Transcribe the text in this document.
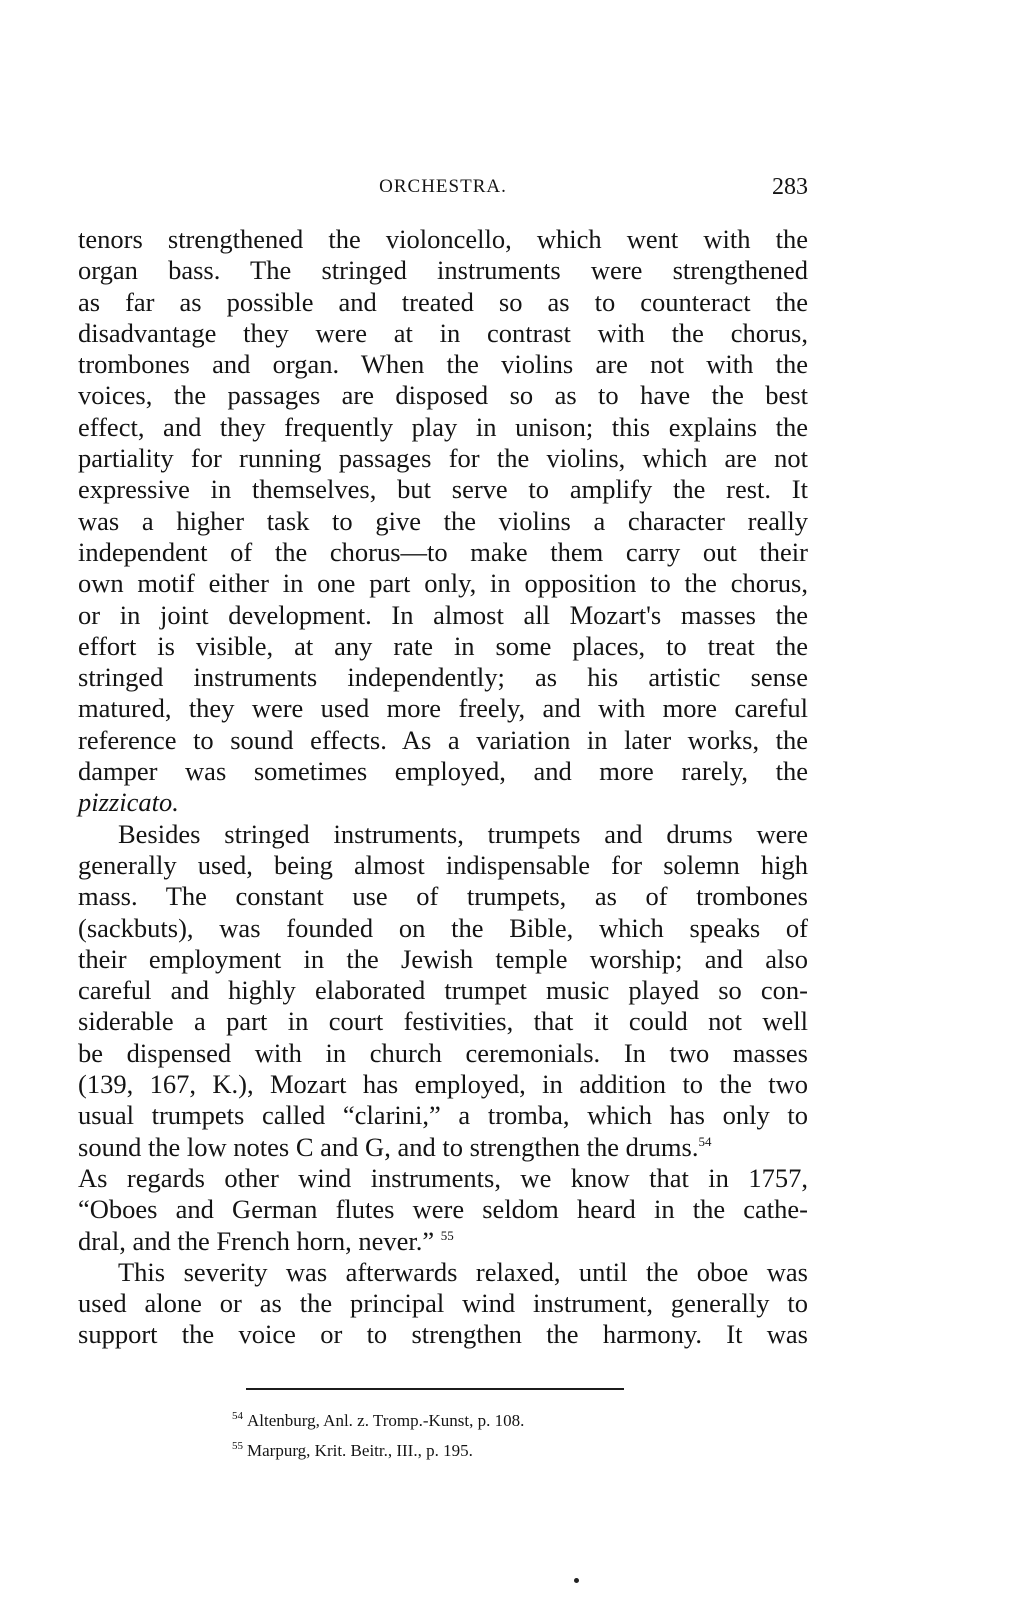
ORCHESTRA.	283
tenors strengthened the violoncello, which went with the
organ bass. The stringed instruments were strengthened
as far as possible and treated so as to counteract the
disadvantage they were at in contrast with the chorus,
trombones and organ. When the violins are not with the
voices, the passages are disposed so as to have the best
effect, and they frequently play in unison; this explains the
partiality for running passages for the violins, which are not
expressive in themselves, but serve to amplify the rest. It
was a higher task to give the violins a character really
independent of the chorus—to make them carry out their
own motif either in one part only, in opposition to the chorus,
or in joint development. In almost all Mozart's masses the
effort is visible, at any rate in some places, to treat the
stringed instruments independently; as his artistic sense
matured, they were used more freely, and with more careful
reference to sound effects. As a variation in later works, the
damper was sometimes employed, and more rarely, the
pizzicato.
Besides stringed instruments, trumpets and drums were
generally used, being almost indispensable for solemn high
mass. The constant use of trumpets, as of trombones
(sackbuts), was founded on the Bible, which speaks of
their employment in the Jewish temple worship; and also
careful and highly elaborated trumpet music played so con-
siderable a part in court festivities, that it could not well
be dispensed with in church ceremonials. In two masses
(139, 167, K.), Mozart has employed, in addition to the two
usual trumpets called “clarini,” a tromba, which has only to
sound the low notes C and G, and to strengthen the drums.$^{54}$
As regards other wind instruments, we know that in 1757,
“Oboes and German flutes were seldom heard in the cathe-
dral, and the French horn, never.” $^{55}$
This severity was afterwards relaxed, until the oboe was
used alone or as the principal wind instrument, generally to
support the voice or to strengthen the harmony. It was
$^{54}$ Altenburg, Anl. z. Tromp.-Kunst, p. 108.
$^{55}$ Marpurg, Krit. Beitr., III., p. 195.
